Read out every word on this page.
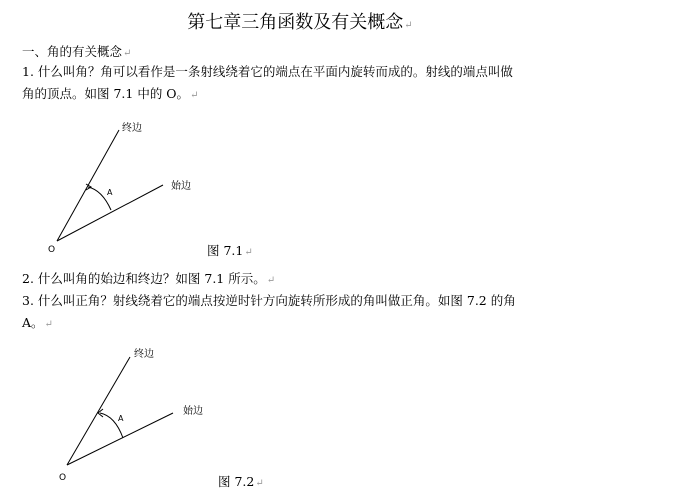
第七章三角函数及有关概念↵
一、角的有关概念↵
1. 什么叫角？角可以看作是一条射线绕着它的端点在平面内旋转而成的。射线的端点叫做
角的顶点。如图 7.1 中的 O。↵
终边
始边
A
O	图 7.1↵
2. 什么叫角的始边和终边？如图 7.1 所示。↵
3. 什么叫正角？射线绕着它的端点按逆时针方向旋转所形成的角叫做正角。如图 7.2 的角
A。↵
终边
始边
A
O	图 7.2↵
